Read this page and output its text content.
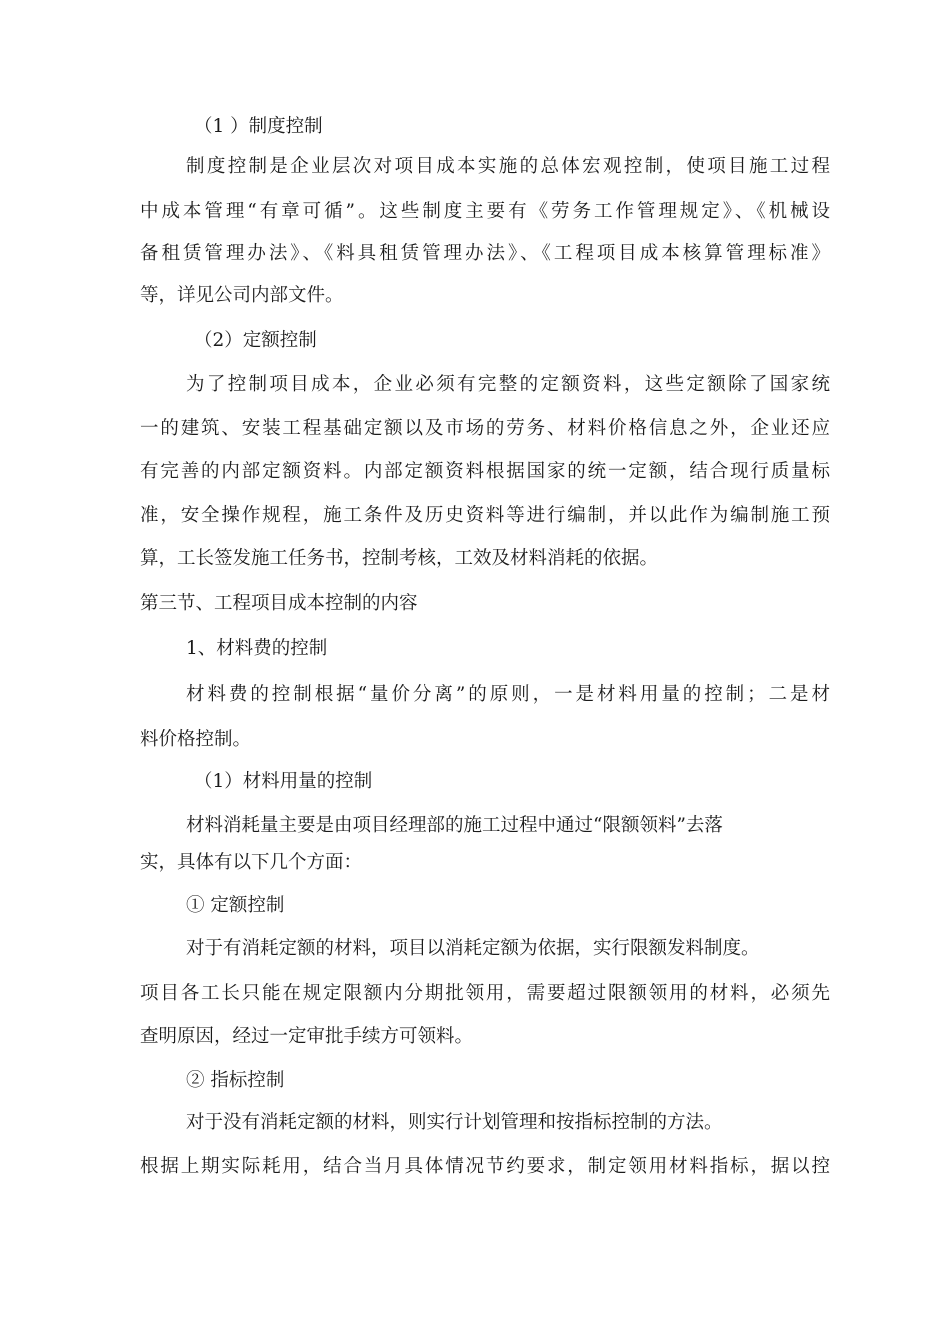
（1 ）制度控制
制度控制是企业层次对项目成本实施的总体宏观控制，使项目施工过程
中成本管理“有章可循”。这些制度主要有《劳务工作管理规定》、《机械设
备租赁管理办法》、《料具租赁管理办法》、《工程项目成本核算管理标准》
等，详见公司内部文件。
（2）定额控制
为了控制项目成本，企业必须有完整的定额资料，这些定额除了国家统
一的建筑、安装工程基础定额以及市场的劳务、材料价格信息之外，企业还应
有完善的内部定额资料。内部定额资料根据国家的统一定额，结合现行质量标
准，安全操作规程，施工条件及历史资料等进行编制，并以此作为编制施工预
算，工长签发施工任务书，控制考核，工效及材料消耗的依据。
第三节、工程项目成本控制的内容
1、材料费的控制
材料费的控制根据“量价分离”的原则，一是材料用量的控制；二是材
料价格控制。
（1）材料用量的控制
材料消耗量主要是由项目经理部的施工过程中通过“限额领料”去落
实，具体有以下几个方面：
① 定额控制
对于有消耗定额的材料，项目以消耗定额为依据，实行限额发料制度。
项目各工长只能在规定限额内分期批领用，需要超过限额领用的材料，必须先
查明原因，经过一定审批手续方可领料。
② 指标控制
对于没有消耗定额的材料，则实行计划管理和按指标控制的方法。
根据上期实际耗用，结合当月具体情况节约要求，制定领用材料指标，据以控
